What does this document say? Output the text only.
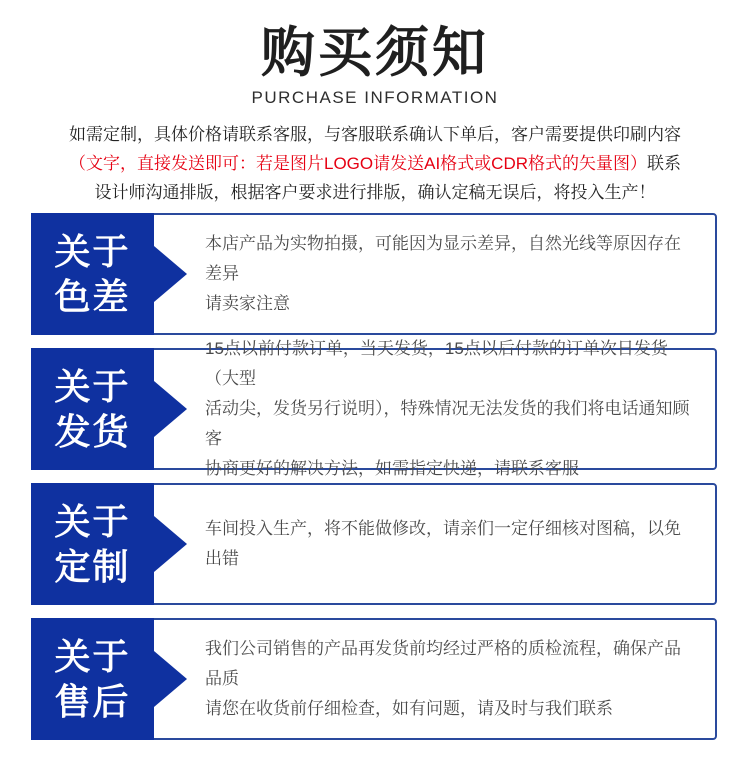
购买须知
PURCHASE INFORMATION
如需定制，具体价格请联系客服，与客服联系确认下单后，客户需要提供印刷内容
（文字，直接发送即可：若是图片LOGO请发送AI格式或CDR格式的矢量图）联系
设计师沟通排版，根据客户要求进行排版，确认定稿无误后，将投入生产！
本店产品为实物拍摄，可能因为显示差异，自然光线等原因存在差异
请卖家注意
关于
色差
15点以前付款订单，当天发货，15点以后付款的订单次日发货（大型
活动尖，发货另行说明），特殊情况无法发货的我们将电话通知顾客
协商更好的解决方法，如需指定快递，请联系客服
关于
发货
车间投入生产，将不能做修改，请亲们一定仔细核对图稿，以免出错
关于
定制
我们公司销售的产品再发货前均经过严格的质检流程，确保产品品质
请您在收货前仔细检查，如有问题，请及时与我们联系
关于
售后
